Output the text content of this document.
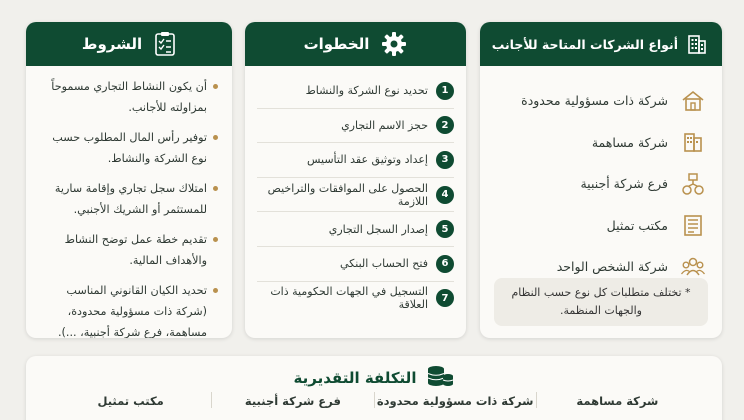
أنواع الشركات المتاحة للأجانب
شركة ذات مسؤولية محدودة
شركة مساهمة
فرع شركة أجنبية
مكتب تمثيل
شركة الشخص الواحد
* تختلف متطلبات كل نوع حسب النظام والجهات المنظمة.
الخطوات
1
تحديد نوع الشركة والنشاط
2
حجز الاسم التجاري
3
إعداد وتوثيق عقد التأسيس
4
الحصول على الموافقات والتراخيص اللازمة
5
إصدار السجل التجاري
6
فتح الحساب البنكي
7
التسجيل في الجهات الحكومية ذات العلاقة
الشروط
أن يكون النشاط التجاري مسموحاً بمزاولته للأجانب.
توفير رأس المال المطلوب حسب نوع الشركة والنشاط.
امتلاك سجل تجاري وإقامة سارية للمستثمر أو الشريك الأجنبي.
تقديم خطة عمل توضح النشاط والأهداف المالية.
تحديد الكيان القانوني المناسب (شركة ذات مسؤولية محدودة، مساهمة، فرع شركة أجنبية، ...).
التكلفة التقديرية
شركة مساهمة
شركة ذات مسؤولية محدودة
فرع شركة أجنبية
مكتب تمثيل
